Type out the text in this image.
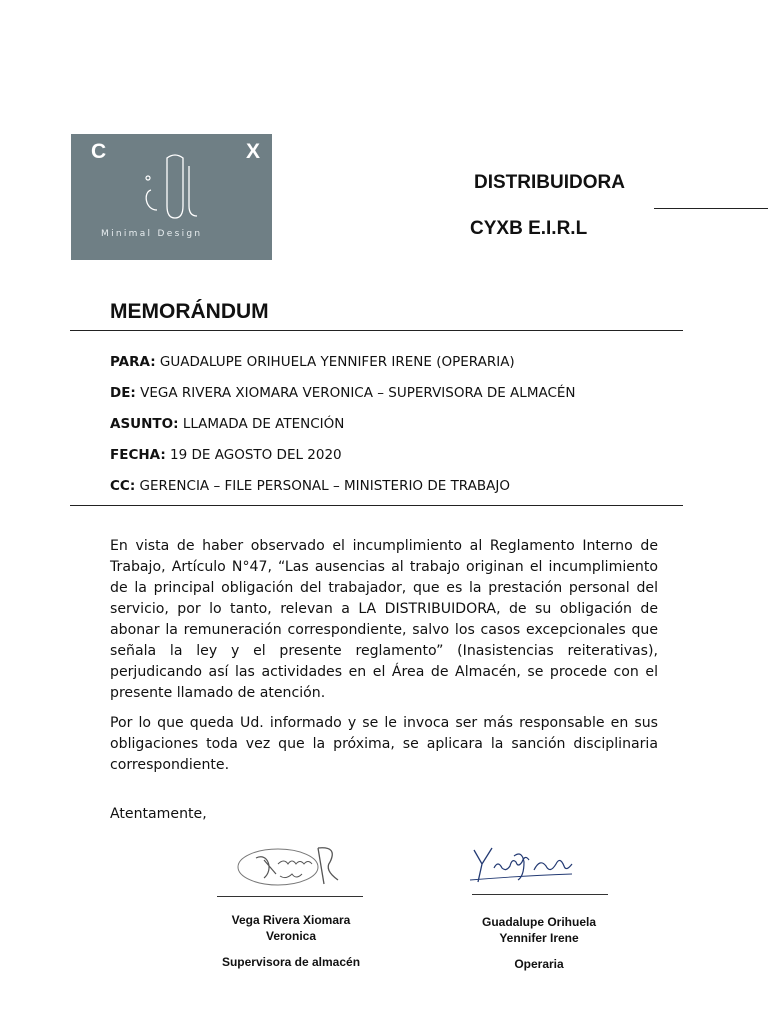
C	X
Minimal Design
DISTRIBUIDORA
CYXB E.I.R.L
MEMORÁNDUM
PARA: GUADALUPE ORIHUELA YENNIFER IRENE (OPERARIA)
DE: VEGA RIVERA XIOMARA VERONICA – SUPERVISORA DE ALMACÉN
ASUNTO: LLAMADA DE ATENCIÓN
FECHA: 19 DE AGOSTO DEL 2020
CC: GERENCIA – FILE PERSONAL – MINISTERIO DE TRABAJO

En vista de haber observado el incumplimiento al Reglamento Interno de Trabajo, Artículo N°47, “Las ausencias al trabajo originan el incumplimiento de la principal obligación del trabajador, que es la prestación personal del servicio, por lo tanto, relevan a LA DISTRIBUIDORA, de su obligación de abonar la remuneración correspondiente, salvo los casos excepcionales que señala la ley y el presente reglamento” (Inasistencias reiterativas), perjudicando así las actividades en el Área de Almacén, se procede con el presente llamado de atención.

Por lo que queda Ud. informado y se le invoca ser más responsable en sus obligaciones toda vez que la próxima, se aplicara la sanción disciplinaria correspondiente.

Atentamente,
Vega Rivera Xiomara
Veronica
Supervisora de almacén
Guadalupe Orihuela
Yennifer Irene
Operaria
